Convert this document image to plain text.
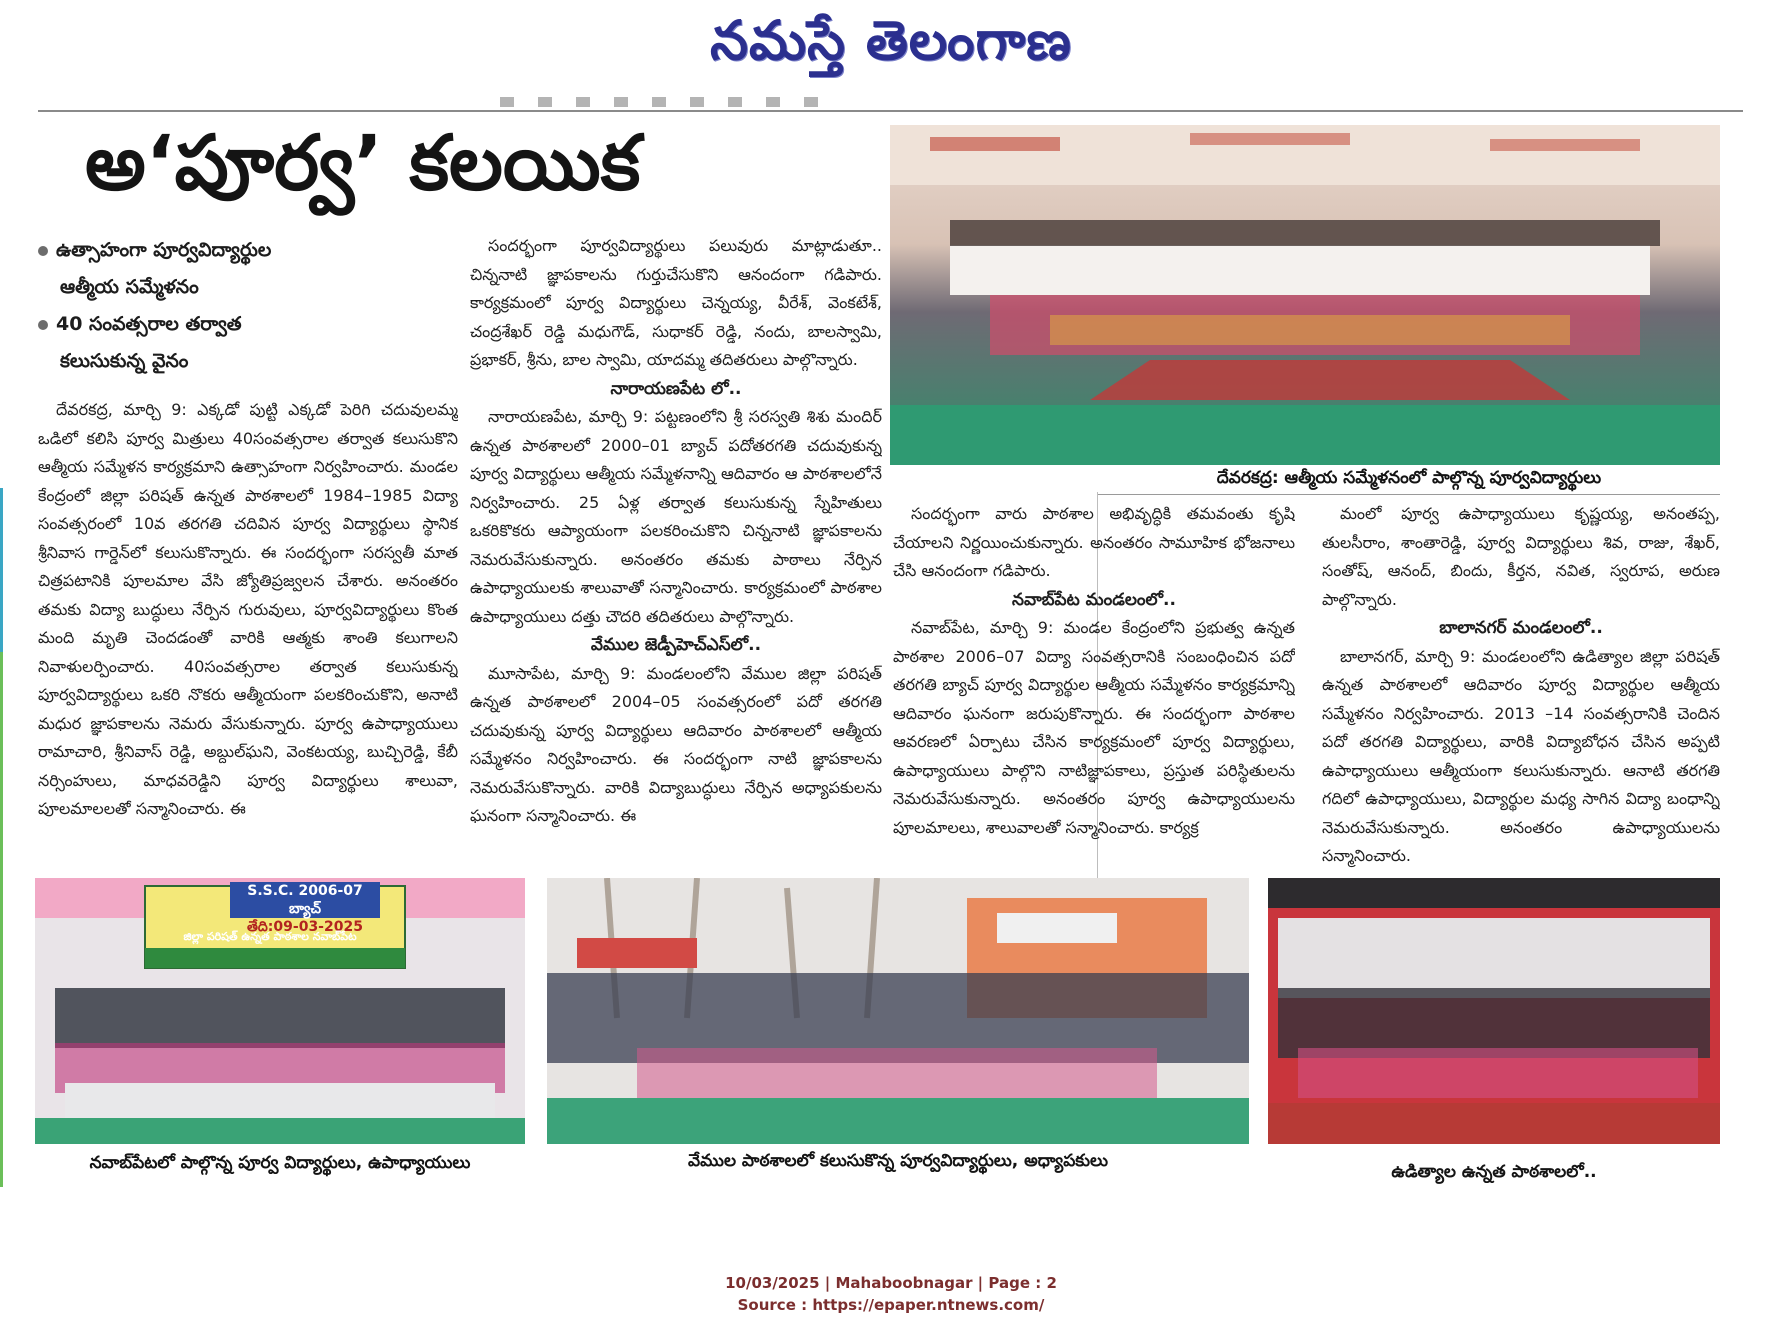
నమస్తే తెలంగాణ
అ‘పూర్వ’ కలయిక
ఉత్సాహంగా పూర్వవిద్యార్థుల
ఆత్మీయ సమ్మేళనం
40 సంవత్సరాల తర్వాత
కలుసుకున్న వైనం

దేవరకద్ర, మార్చి 9: ఎక్కడో పుట్టి ఎక్కడో పెరిగి చదువులమ్మ ఒడిలో కలిసి పూర్వ మిత్రులు 40సంవత్సరాల తర్వాత కలుసుకొని ఆత్మీయ సమ్మేళన కార్యక్రమాని ఉత్సాహంగా నిర్వహించారు. మండల కేంద్రంలో జిల్లా పరిషత్ ఉన్నత పాఠశాలలో 1984–1985 విద్యా సంవత్సరంలో 10వ తరగతి చదివిన పూర్వ విద్యార్థులు స్థానిక శ్రీనివాస గార్డెన్‌లో కలుసుకొన్నారు. ఈ సందర్భంగా సరస్వతీ మాత చిత్రపటానికి పూలమాల వేసి జ్యోతిప్రజ్వలన చేశారు. అనంతరం తమకు విద్యా బుద్ధులు నేర్పిన గురువులు, పూర్వవిద్యార్థులు కొంత మంది మృతి చెందడంతో వారికి ఆత్మకు శాంతి కలుగాలని నివాళులర్పించారు. 40సంవత్సరాల తర్వాత కలుసుకున్న పూర్వవిద్యార్థులు ఒకరి నొకరు ఆత్మీయంగా పలకరించుకొని, అనాటి మధుర జ్ఞాపకాలను నెమరు వేసుకున్నారు. పూర్వ ఉపాధ్యాయులు రామాచారి, శ్రీనివాస్ రెడ్డి, అబ్దుల్‌ఘని, వెంకటయ్య, బుచ్చిరెడ్డి, కేబీ నర్సింహులు, మాధవరెడ్డిని పూర్వ విద్యార్థులు శాలువా, పూలమాలలతో సన్మానించారు. ఈ

సందర్భంగా పూర్వవిద్యార్థులు పలువురు మాట్లాడుతూ.. చిన్ననాటి జ్ఞాపకాలను గుర్తుచేసుకొని ఆనందంగా గడిపారు. కార్యక్రమంలో పూర్వ విద్యార్థులు చెన్నయ్య, వీరేశ్, వెంకటేశ్, చంద్రశేఖర్ రెడ్డి మధుగౌడ్, సుధాకర్ రెడ్డి, నందు, బాలస్వామి, ప్రభాకర్, శ్రీను, బాల స్వామి, యాదమ్మ తదితరులు పాల్గొన్నారు.

నారాయణపేట లో..

నారాయణపేట, మార్చి 9: పట్టణంలోని శ్రీ సరస్వతి శిశు మందిర్ ఉన్నత పాఠశాలలో 2000–01 బ్యాచ్ పదోతరగతి చదువుకున్న పూర్వ విద్యార్థులు ఆత్మీయ సమ్మేళనాన్ని ఆదివారం ఆ పాఠశాలలోనే నిర్వహించారు. 25 ఏళ్ల తర్వాత కలుసుకున్న స్నేహితులు ఒకరికొకరు ఆప్యాయంగా పలకరించుకొని చిన్ననాటి జ్ఞాపకాలను నెమరువేసుకున్నారు. అనంతరం తమకు పాఠాలు నేర్పిన ఉపాధ్యాయులకు శాలువాతో సన్మానించారు. కార్యక్రమంలో పాఠశాల ఉపాధ్యాయులు దత్తు చౌదరి తదితరులు పాల్గొన్నారు.

వేముల జెడ్పీహెచ్ఎస్‌లో..

మూసాపేట, మార్చి 9: మండలంలోని వేముల జిల్లా పరిషత్ ఉన్నత పాఠశాలలో 2004–05 సంవత్సరంలో పదో తరగతి చదువుకున్న పూర్వ విద్యార్థులు ఆదివారం పాఠశాలలో ఆత్మీయ సమ్మేళనం నిర్వహించారు. ఈ సందర్భంగా నాటి జ్ఞాపకాలను నెమరువేసుకొన్నారు. వారికి విద్యాబుద్ధులు నేర్పిన అధ్యాపకులను ఘనంగా సన్మానించారు. ఈ

దేవరకద్ర: ఆత్మీయ సమ్మేళనంలో పాల్గొన్న పూర్వవిద్యార్థులు

సందర్భంగా వారు పాఠశాల అభివృద్ధికి తమవంతు కృషి చేయాలని నిర్ణయించుకున్నారు. అనంతరం సామూహిక భోజనాలు చేసి ఆనందంగా గడిపారు.

నవాబ్‌పేట మండలంలో..

నవాబ్‌పేట, మార్చి 9: మండల కేంద్రంలోని ప్రభుత్వ ఉన్నత పాఠశాల 2006–07 విద్యా సంవత్సరానికి సంబంధించిన పదో తరగతి బ్యాచ్ పూర్వ విద్యార్థుల ఆత్మీయ సమ్మేళనం కార్యక్రమాన్ని ఆదివారం ఘనంగా జరుపుకొన్నారు. ఈ సందర్భంగా పాఠశాల ఆవరణలో ఏర్పాటు చేసిన కార్యక్రమంలో పూర్వ విద్యార్థులు, ఉపాధ్యాయులు పాల్గొని నాటిజ్ఞాపకాలు, ప్రస్తుత పరిస్థితులను నెమరువేసుకున్నారు. అనంతరం పూర్వ ఉపాధ్యాయులను పూలమాలలు, శాలువాలతో సన్మానించారు. కార్యక్ర

మంలో పూర్వ ఉపాధ్యాయులు కృష్ణయ్య, అనంతప్ప, తులసీరాం, శాంతారెడ్డి, పూర్వ విద్యార్థులు శివ, రాజు, శేఖర్, సంతోష్, ఆనంద్, బిందు, కీర్తన, నవిత, స్వరూప, అరుణ పాల్గొన్నారు.

బాలానగర్ మండలంలో..

బాలానగర్, మార్చి 9: మండలంలోని ఉడిత్యాల జిల్లా పరిషత్ ఉన్నత పాఠశాలలో ఆదివారం పూర్వ విద్యార్థుల ఆత్మీయ సమ్మేళనం నిర్వహించారు. 2013 –14 సంవత్సరానికి చెందిన పదో తరగతి విద్యార్థులు, వారికి విద్యాబోధన చేసిన అప్పటి ఉపాధ్యాయులు ఆత్మీయంగా కలుసుకున్నారు. ఆనాటి తరగతి గదిలో ఉపాధ్యాయులు, విద్యార్థుల మధ్య సాగిన విద్యా బంధాన్ని నెమరువేసుకున్నారు. అనంతరం ఉపాధ్యాయులను సన్మానించారు.

S.S.C. 2006-07 బ్యాచ్
తేది:09-03-2025
జిల్లా పరిషత్ ఉన్నత పాఠశాల నవాబ్‌పేట
నవాబ్‌పేటలో పాల్గొన్న పూర్వ విద్యార్థులు, ఉపాధ్యాయులు	వేముల పాఠశాలలో కలుసుకొన్న పూర్వవిద్యార్థులు, అధ్యాపకులు
ఉడిత్యాల ఉన్నత పాఠశాలలో..
10/03/2025 | Mahaboobnagar | Page : 2
Source : https://epaper.ntnews.com/
